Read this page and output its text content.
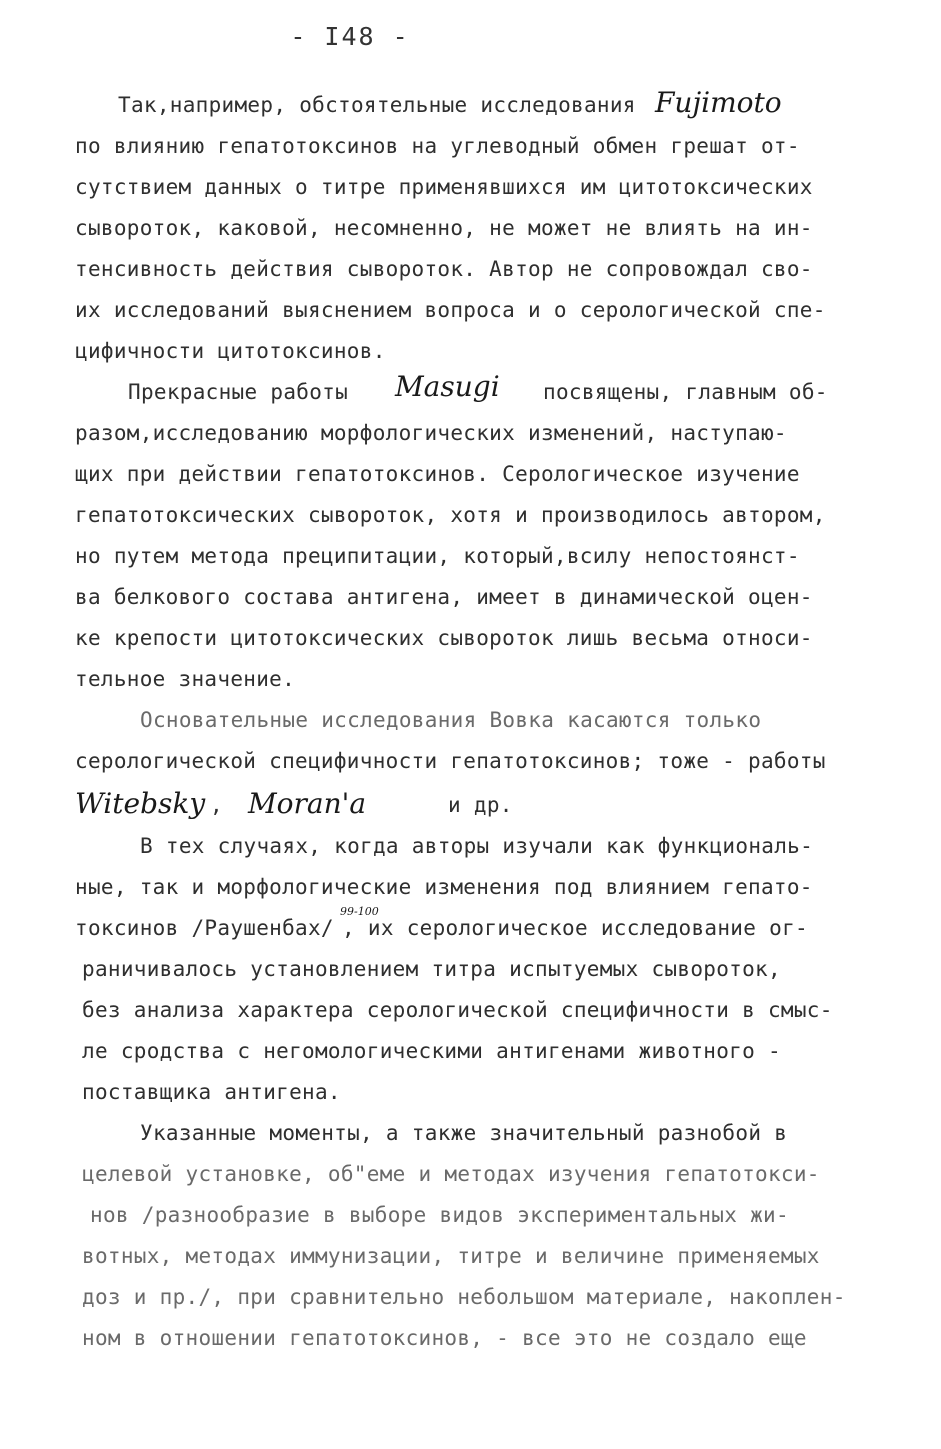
- I48 -
Так,например, обстоятельные исследования Fujimoto
по влиянию гепатотоксинов на углеводный обмен грешат от-
сутствием данных о титре применявшихся им цитотоксических
сывороток, каковой, несомненно, не может не влиять на ин-
тенсивность действия сывороток. Автор не сопровождал сво-
их исследований выяснением вопроса и о серологической спе-
цифичности цитотоксинов.
Прекрасные работы Masugi посвящены, главным об-
разом,исследованию морфологических изменений, наступаю-
щих при действии гепатотоксинов. Серологическое изучение
гепатотоксических сывороток, хотя и производилось автором,
но путем метода преципитации, который,всилу непостоянст-
ва белкового состава антигена, имеет в динамической оцен-
ке крепости цитотоксических сывороток лишь весьма относи-
тельное значение.
Основательные исследования Вовка касаются только
серологической специфичности гепатотоксинов; тоже - работы
Witebsky , Moran'a	и др.
В тех случаях, когда авторы изучали как функциональ-
ные, так и морфологические изменения под влиянием гепато-
токсинов /Раушенбах/
99-100
, их серологическое исследование ог-
раничивалось установлением титра испытуемых сывороток,
без анализа характера серологической специфичности в смыс-
ле сродства с негомологическими антигенами животного -
поставщика антигена.
Указанные моменты, а также значительный разнобой в
целевой установке, об"еме и методах изучения гепатотокси-
нов /разнообразие в выборе видов экспериментальных жи-
вотных, методах иммунизации, титре и величине применяемых
доз и пр./, при сравнительно небольшом материале, накоплен-
ном в отношении гепатотоксинов, - все это не создало еще
